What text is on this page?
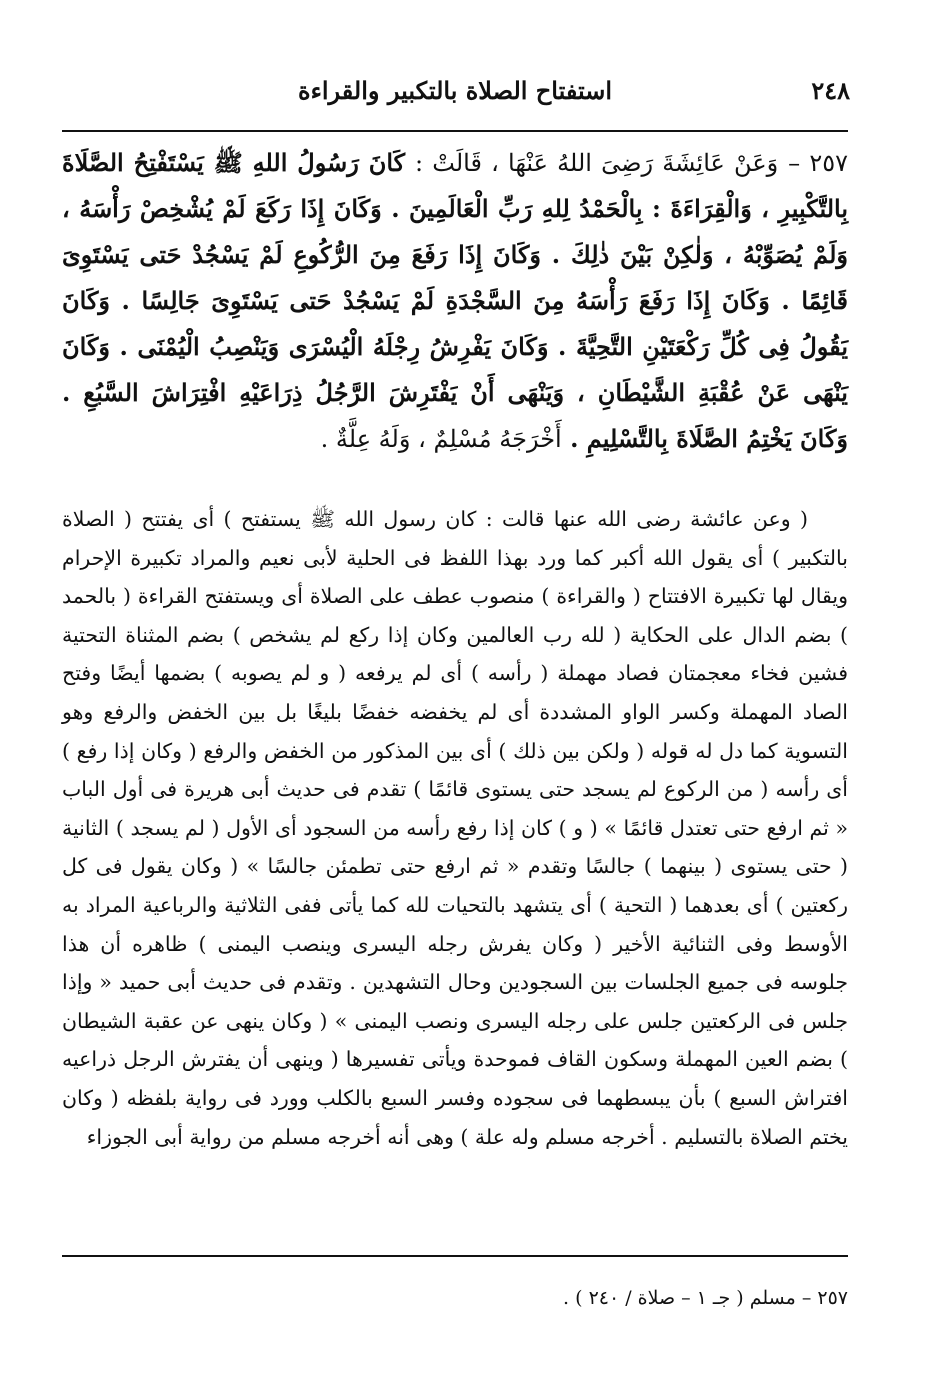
٢٤٨
استفتاح الصلاة بالتكبير والقراءة
٢٥٧ – وَعَنْ عَائِشَةَ رَضِىَ اللهُ عَنْهَا ، قَالَتْ : كَانَ رَسُولُ اللهِ ﷺ يَسْتَفْتِحُ الصَّلَاةَ بِالتَّكْبِيرِ ، وَالْقِرَاءَةَ : بِالْحَمْدُ لِلهِ رَبِّ الْعَالَمِينَ . وَكَانَ إِذَا رَكَعَ لَمْ يُشْخِصْ رَأْسَهُ ، وَلَمْ يُصَوِّبْهُ ، وَلٰكِنْ بَيْنَ ذٰلِكَ . وَكَانَ إِذَا رَفَعَ مِنَ الرُّكُوعِ لَمْ يَسْجُدْ حَتى يَسْتَوِىَ قَائِمًا . وَكَانَ إِذَا رَفَعَ رَأْسَهُ مِنَ السَّجْدَةِ لَمْ يَسْجُدْ حَتى يَسْتَوِىَ جَالِسًا . وَكَانَ يَقُولُ فِى كُلِّ رَكْعَتَيْنِ التَّحِيَّةَ . وَكَانَ يَفْرِشُ رِجْلَهُ الْيُسْرَى وَيَنْصِبُ الْيُمْنَى . وَكَانَ يَنْهَى عَنْ عُقْبَةِ الشَّيْطَانِ ، وَيَنْهَى أَنْ يَفْتَرِشَ الرَّجُلُ ذِرَاعَيْهِ افْتِرَاشَ السَّبُعِ . وَكَانَ يَخْتِمُ الصَّلَاةَ بِالتَّسْلِيمِ . أَخْرَجَهُ مُسْلِمٌ ، وَلَهُ عِلَّةٌ .
( وعن عائشة رضى الله عنها قالت : كان رسول الله ﷺ يستفتح ) أى يفتتح ( الصلاة بالتكبير ) أى يقول الله أكبر كما ورد بهذا اللفظ فى الحلية لأبى نعيم والمراد تكبيرة الإحرام ويقال لها تكبيرة الافتتاح ( والقراءة ) منصوب عطف على الصلاة أى ويستفتح القراءة ( بالحمد ) بضم الدال على الحكاية ( لله رب العالمين وكان إذا ركع لم يشخص ) بضم المثناة التحتية فشين فخاء معجمتان فصاد مهملة ( رأسه ) أى لم يرفعه ( و لم يصوبه ) بضمها أيضًا وفتح الصاد المهملة وكسر الواو المشددة أى لم يخفضه خفضًا بليغًا بل بين الخفض والرفع وهو التسوية كما دل له قوله ( ولكن بين ذلك ) أى بين المذكور من الخفض والرفع ( وكان إذا رفع ) أى رأسه ( من الركوع لم يسجد حتى يستوى قائمًا ) تقدم فى حديث أبى هريرة فى أول الباب « ثم ارفع حتى تعتدل قائمًا » ( و ) كان إذا رفع رأسه من السجود أى الأول ( لم يسجد ) الثانية ( حتى يستوى ( بينهما ) جالسًا وتقدم « ثم ارفع حتى تطمئن جالسًا » ( وكان يقول فى كل ركعتين ) أى بعدهما ( التحية ) أى يتشهد بالتحيات لله كما يأتى ففى الثلاثية والرباعية المراد به الأوسط وفى الثنائية الأخير ( وكان يفرش رجله اليسرى وينصب اليمنى ) ظاهره أن هذا جلوسه فى جميع الجلسات بين السجودين وحال التشهدين . وتقدم فى حديث أبى حميد « وإذا جلس فى الركعتين جلس على رجله اليسرى ونصب اليمنى » ( وكان ينهى عن عقبة الشيطان ) بضم العين المهملة وسكون القاف فموحدة ويأتى تفسيرها ( وينهى أن يفترش الرجل ذراعيه افتراش السبع ) بأن يبسطهما فى سجوده وفسر السبع بالكلب وورد فى رواية بلفظه ( وكان يختم الصلاة بالتسليم . أخرجه مسلم وله علة ) وهى أنه أخرجه مسلم من رواية أبى الجوزاء
٢٥٧ – مسلم ( جـ ١ – صلاة / ٢٤٠ ) .
